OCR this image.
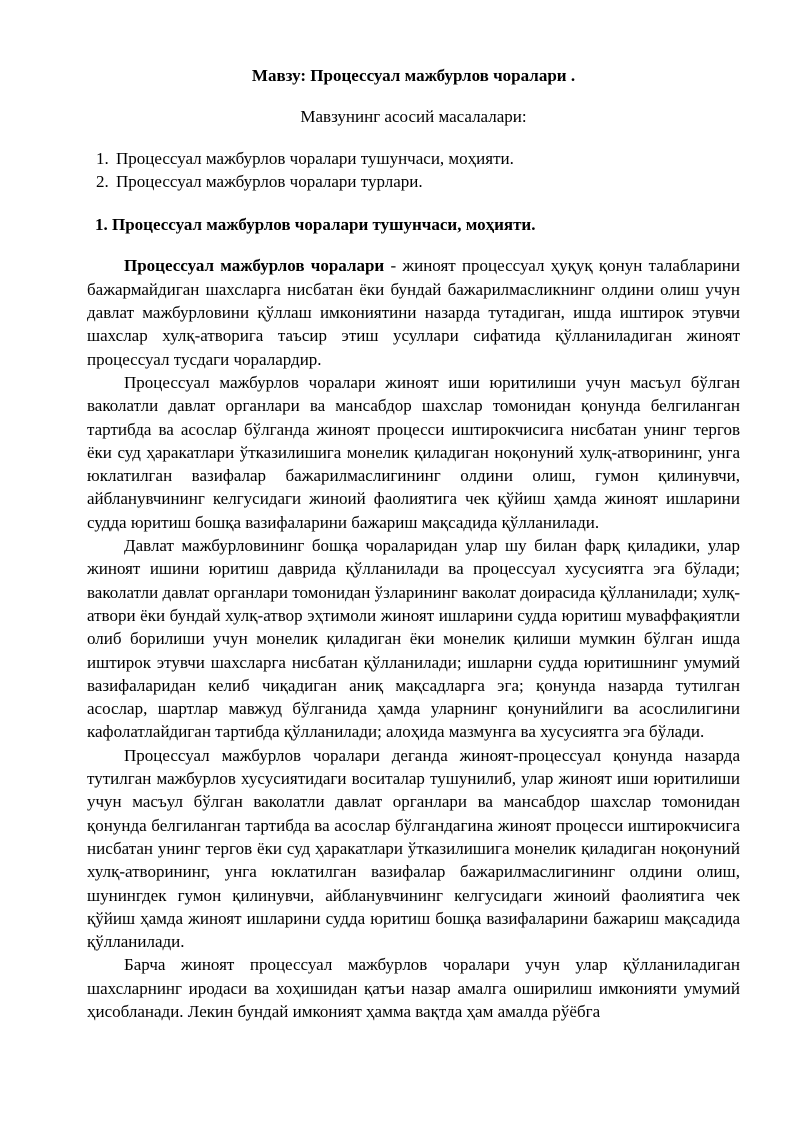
Мавзу: Процессуал мажбурлов чоралари .
Мавзунинг асосий масалалари:
1. Процессуал мажбурлов чоралари тушунчаси, моҳияти.
2. Процессуал мажбурлов чоралари турлари.
1. Процессуал мажбурлов чоралари тушунчаси, моҳияти.

Процессуал мажбурлов чоралари - жиноят процессуал ҳуқуқ қонун талабларини бажармайдиган шахсларга нисбатан ёки бундай бажарилмасликнинг олдини олиш учун давлат мажбурловини қўллаш имкониятини назарда тутадиган, ишда иштирок этувчи шахслар хулқ-атворига таъсир этиш усуллари сифатида қўлланиладиган жиноят процессуал тусдаги чоралардир.

Процессуал мажбурлов чоралари жиноят иши юритилиши учун масъул бўлган ваколатли давлат органлари ва мансабдор шахслар томонидан қонунда белгиланган тартибда ва асослар бўлганда жиноят процесси иштирокчисига нисбатан унинг тергов ёки суд ҳаракатлари ўтказилишига монелик қиладиган ноқонуний хулқ-атворининг, унга юклатилган вазифалар бажарилмаслигининг олдини олиш, гумон қилинувчи, айбланувчининг келгусидаги жиноий фаолиятига чек қўйиш ҳамда жиноят ишларини судда юритиш бошқа вазифаларини бажариш мақсадида қўлланилади.

Давлат мажбурловининг бошқа чораларидан улар шу билан фарқ қиладики, улар жиноят ишини юритиш даврида қўлланилади ва процессуал хусусиятга эга бўлади; ваколатли давлат органлари томонидан ўзларининг ваколат доирасида қўлланилади; хулқ-атвори ёки бундай хулқ-атвор эҳтимоли жиноят ишларини судда юритиш муваффақиятли олиб борилиши учун монелик қиладиган ёки монелик қилиши мумкин бўлган ишда иштирок этувчи шахсларга нисбатан қўлланилади; ишларни судда юритишнинг умумий вазифаларидан келиб чиқадиган аниқ мақсадларга эга; қонунда назарда тутилган асослар, шартлар мавжуд бўлганида ҳамда уларнинг қонунийлиги ва асослилигини кафолатлайдиган тартибда қўлланилади; алоҳида мазмунга ва хусусиятга эга бўлади.

Процессуал мажбурлов чоралари деганда жиноят-процессуал қонунда назарда тутилган мажбурлов хусусиятидаги воситалар тушунилиб, улар жиноят иши юритилиши учун масъул бўлган ваколатли давлат органлари ва мансабдор шахслар томонидан қонунда белгиланган тартибда ва асослар бўлгандагина жиноят процесси иштирокчисига нисбатан унинг тергов ёки суд ҳаракатлари ўтказилишига монелик қиладиган ноқонуний хулқ-атворининг, унга юклатилган вазифалар бажарилмаслигининг олдини олиш, шунингдек гумон қилинувчи, айбланувчининг келгусидаги жиноий фаолиятига чек қўйиш ҳамда жиноят ишларини судда юритиш бошқа вазифаларини бажариш мақсадида қўлланилади.

Барча жиноят процессуал мажбурлов чоралари учун улар қўлланиладиган шахсларнинг иродаси ва хоҳишидан қатъи назар амалга оширилиш имконияти умумий ҳисобланади. Лекин бундай имконият ҳамма вақтда ҳам амалда рўёбга
